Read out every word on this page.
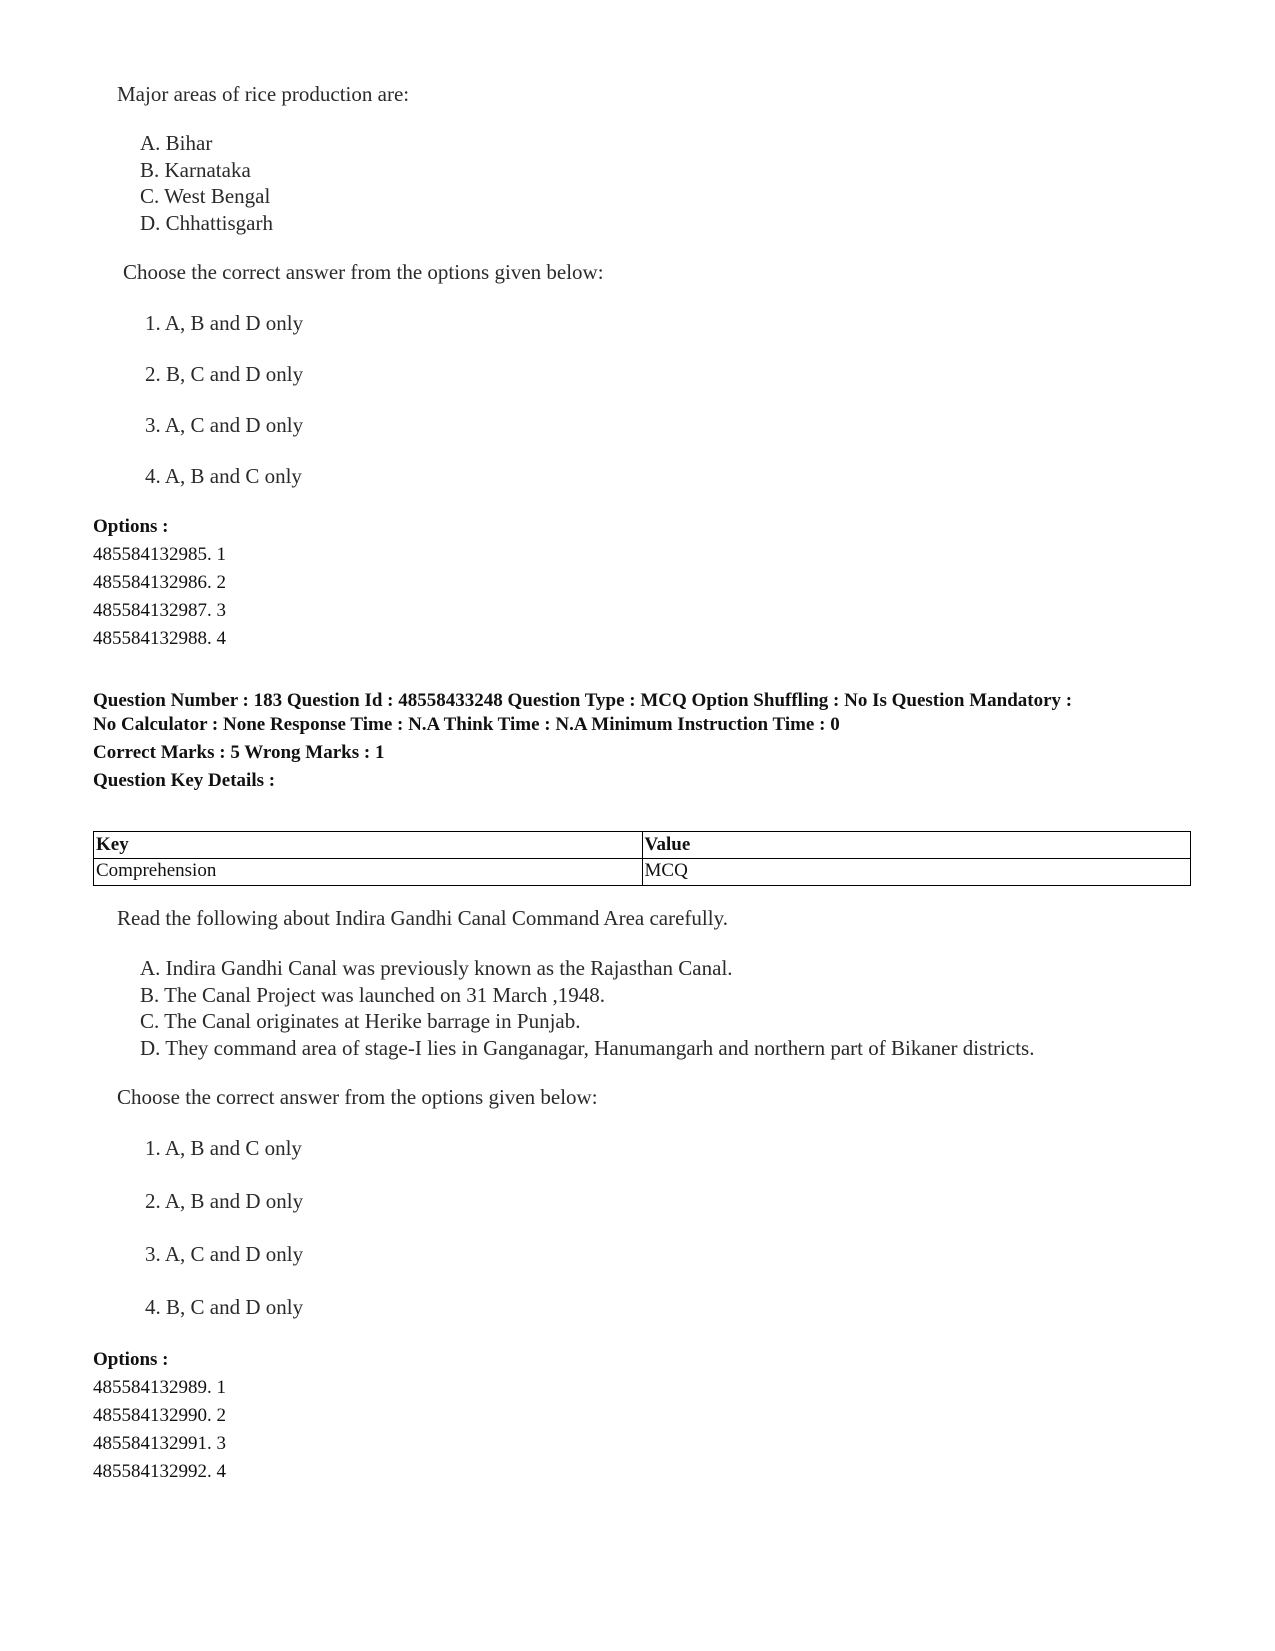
Major areas of rice production are:
A. Bihar
B. Karnataka
C. West Bengal
D. Chhattisgarh
Choose the correct answer from the options given below:
1. A, B and D only
2. B, C and D only
3. A, C and D only
4. A, B and C only
Options :
485584132985. 1
485584132986. 2
485584132987. 3
485584132988. 4
Question Number : 183 Question Id : 48558433248 Question Type : MCQ Option Shuffling : No Is Question Mandatory :
No Calculator : None Response Time : N.A Think Time : N.A Minimum Instruction Time : 0
Correct Marks : 5 Wrong Marks : 1
Question Key Details :
Key	Value
Comprehension	MCQ
Read the following about Indira Gandhi Canal Command Area carefully.
A. Indira Gandhi Canal was previously known as the Rajasthan Canal.
B. The Canal Project was launched on 31 March ,1948.
C. The Canal originates at Herike barrage in Punjab.
D. They command area of stage-I lies in Ganganagar, Hanumangarh and northern part of Bikaner districts.
Choose the correct answer from the options given below:
1. A, B and C only
2. A, B and D only
3. A, C and D only
4. B, C and D only
Options :
485584132989. 1
485584132990. 2
485584132991. 3
485584132992. 4
